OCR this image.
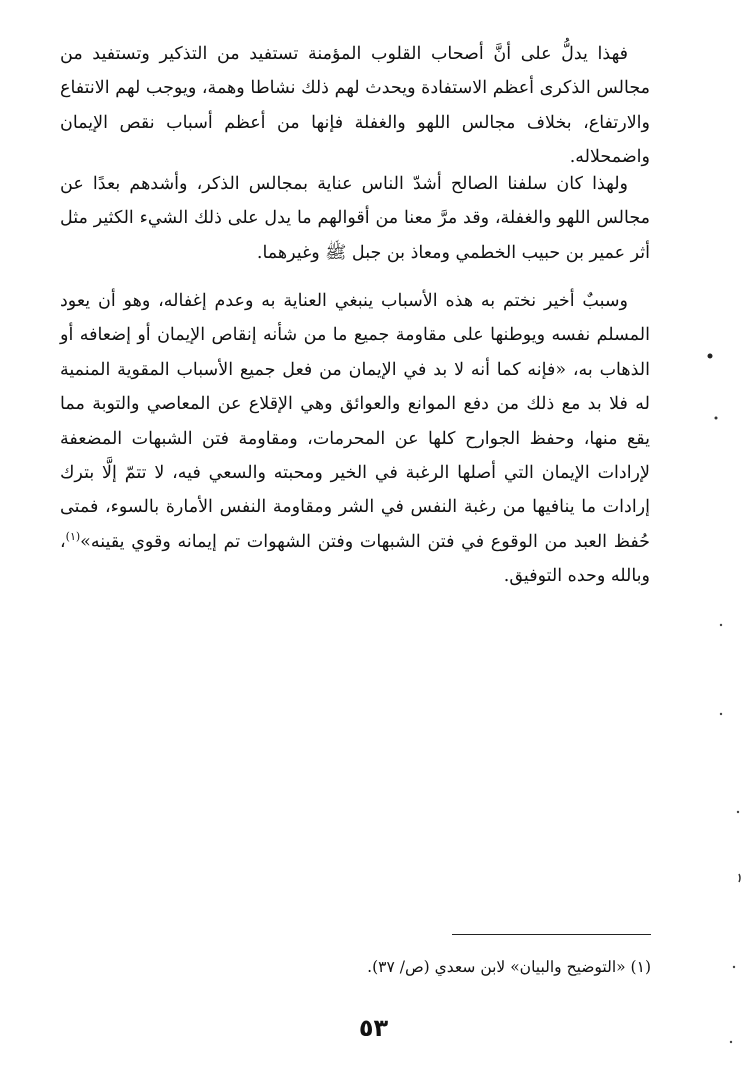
فهذا يدلُّ على أنَّ أصحاب القلوب المؤمنة تستفيد من التذكير وتستفيد من مجالس الذكرى أعظم الاستفادة ويحدث لهم ذلك نشاطا وهمة، ويوجب لهم الانتفاع والارتفاع، بخلاف مجالس اللهو والغفلة فإنها من أعظم أسباب نقص الإيمان واضمحلاله.
ولهذا كان سلفنا الصالح أشدّ الناس عناية بمجالس الذكر، وأشدهم بعدًا عن مجالس اللهو والغفلة، وقد مرَّ معنا من أقوالهم ما يدل على ذلك الشيء الكثير مثل أثر عمير بن حبيب الخطمي ومعاذ بن جبل ﷺ وغيرهما.
وسببٌ أخير نختم به هذه الأسباب ينبغي العناية به وعدم إغفاله، وهو أن يعود المسلم نفسه ويوطنها على مقاومة جميع ما من شأنه إنقاص الإيمان أو إضعافه أو الذهاب به، «فإنه كما أنه لا بد في الإيمان من فعل جميع الأسباب المقوية المنمية له فلا بد مع ذلك من دفع الموانع والعوائق وهي الإقلاع عن المعاصي والتوبة مما يقع منها، وحفظ الجوارح كلها عن المحرمات، ومقاومة فتن الشبهات المضعفة لإرادات الإيمان التي أصلها الرغبة في الخير ومحبته والسعي فيه، لا تتمّ إلَّا بترك إرادات ما ينافيها من رغبة النفس في الشر ومقاومة النفس الأمارة بالسوء، فمتى حُفظ العبد من الوقوع في فتن الشبهات وفتن الشهوات تم إيمانه وقوي يقينه»$^{(١)}$، وبالله وحده التوفيق.
(١) «التوضيح والبيان» لابن سعدي (ص/ ٣٧).
٥٣
